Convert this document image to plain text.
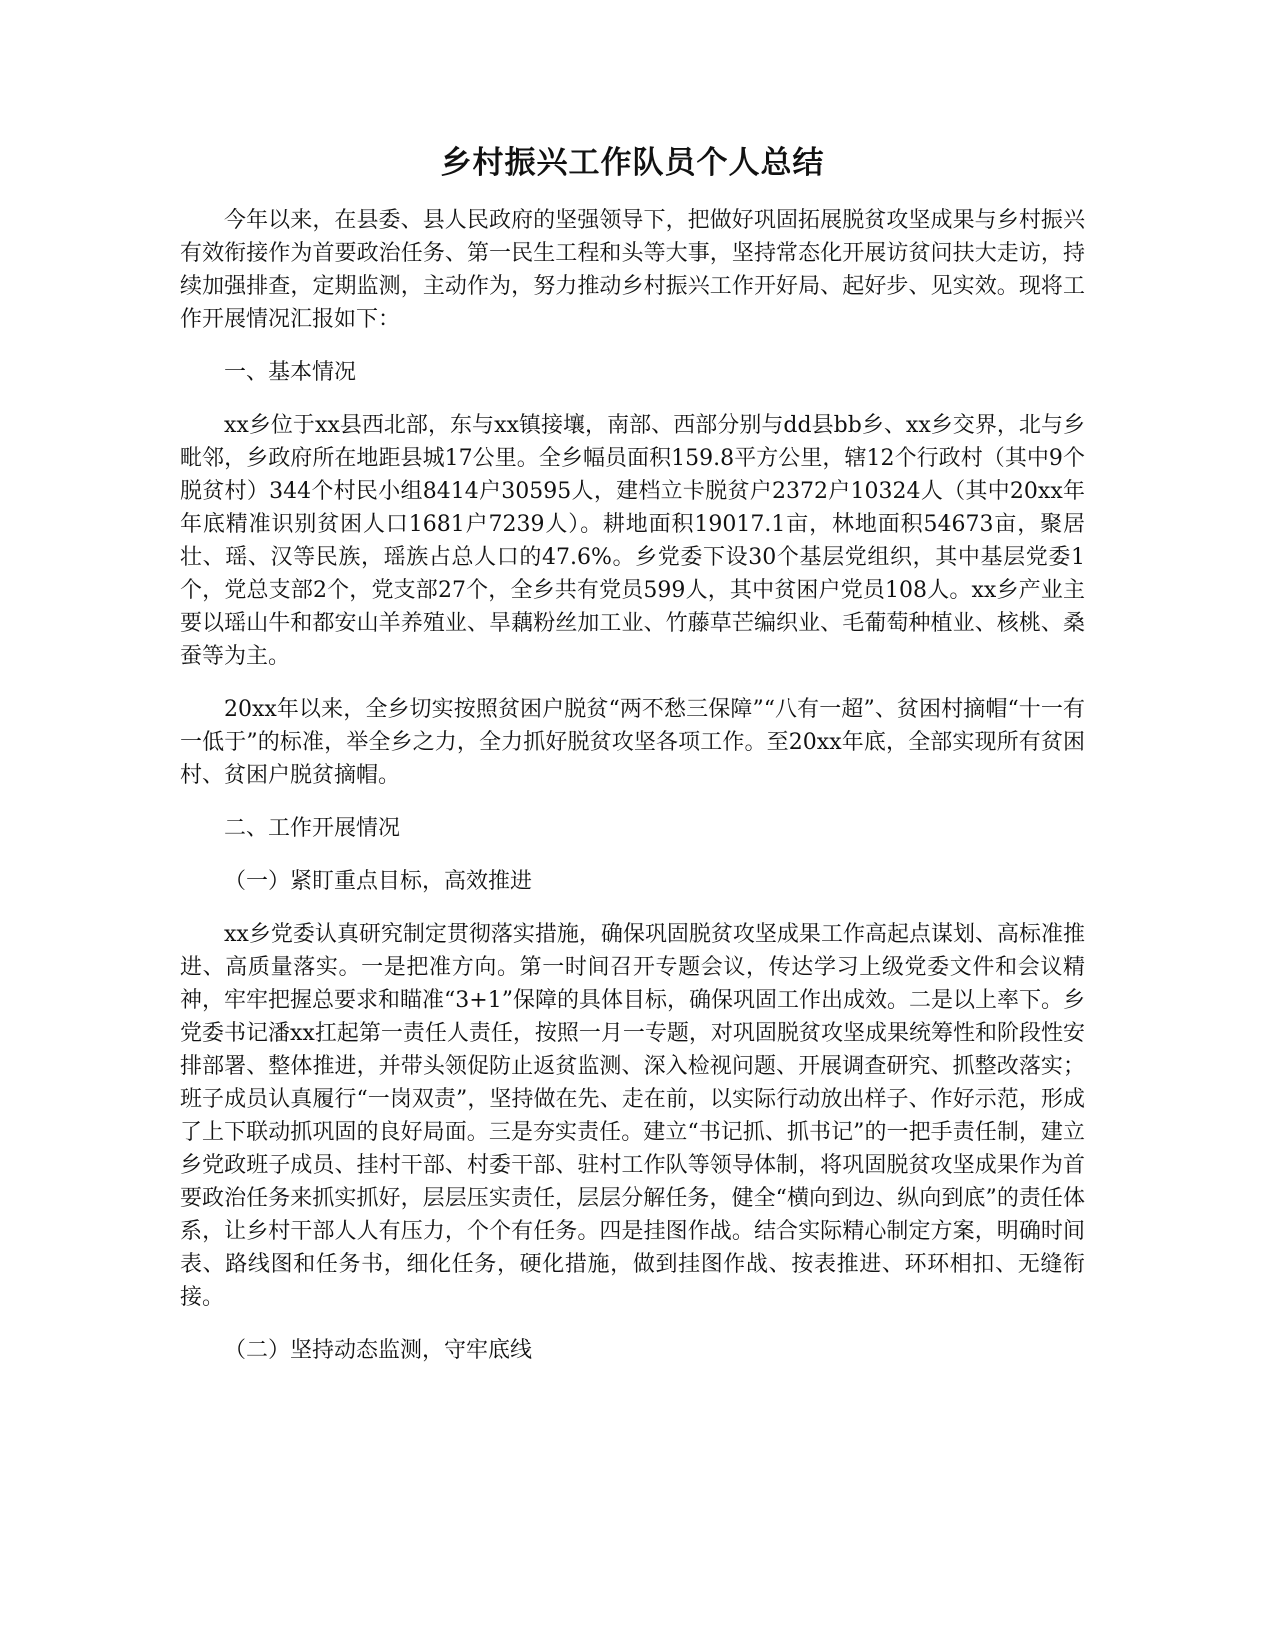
乡村振兴工作队员个人总结

今年以来，在县委、县人民政府的坚强领导下，把做好巩固拓展脱贫攻坚成果与乡村振兴有效衔接作为首要政治任务、第一民生工程和头等大事，坚持常态化开展访贫问扶大走访，持续加强排查，定期监测，主动作为，努力推动乡村振兴工作开好局、起好步、见实效。现将工作开展情况汇报如下：

一、基本情况

xx乡位于xx县西北部，东与xx镇接壤，南部、西部分别与dd县bb乡、xx乡交界，北与乡毗邻，乡政府所在地距县城17公里。全乡幅员面积159.8平方公里，辖12个行政村（其中9个脱贫村）344个村民小组8414户30595人，建档立卡脱贫户2372户10324人（其中20xx年年底精准识别贫困人口1681户7239人）。耕地面积19017.1亩，林地面积54673亩，聚居壮、瑶、汉等民族，瑶族占总人口的47.6%。乡党委下设30个基层党组织，其中基层党委1个，党总支部2个，党支部27个，全乡共有党员599人，其中贫困户党员108人。xx乡产业主要以瑶山牛和都安山羊养殖业、旱藕粉丝加工业、竹藤草芒编织业、毛葡萄种植业、核桃、桑蚕等为主。

20xx年以来，全乡切实按照贫困户脱贫“两不愁三保障”“八有一超”、贫困村摘帽“十一有一低于”的标准，举全乡之力，全力抓好脱贫攻坚各项工作。至20xx年底，全部实现所有贫困村、贫困户脱贫摘帽。

二、工作开展情况

（一）紧盯重点目标，高效推进

xx乡党委认真研究制定贯彻落实措施，确保巩固脱贫攻坚成果工作高起点谋划、高标准推进、高质量落实。一是把准方向。第一时间召开专题会议，传达学习上级党委文件和会议精神，牢牢把握总要求和瞄准“3+1”保障的具体目标，确保巩固工作出成效。二是以上率下。乡党委书记潘xx扛起第一责任人责任，按照一月一专题，对巩固脱贫攻坚成果统筹性和阶段性安排部署、整体推进，并带头领促防止返贫监测、深入检视问题、开展调查研究、抓整改落实；班子成员认真履行“一岗双责”，坚持做在先、走在前，以实际行动放出样子、作好示范，形成了上下联动抓巩固的良好局面。三是夯实责任。建立“书记抓、抓书记”的一把手责任制，建立乡党政班子成员、挂村干部、村委干部、驻村工作队等领导体制，将巩固脱贫攻坚成果作为首要政治任务来抓实抓好，层层压实责任，层层分解任务，健全“横向到边、纵向到底”的责任体系，让乡村干部人人有压力，个个有任务。四是挂图作战。结合实际精心制定方案，明确时间表、路线图和任务书，细化任务，硬化措施，做到挂图作战、按表推进、环环相扣、无缝衔接。

（二）坚持动态监测，守牢底线
